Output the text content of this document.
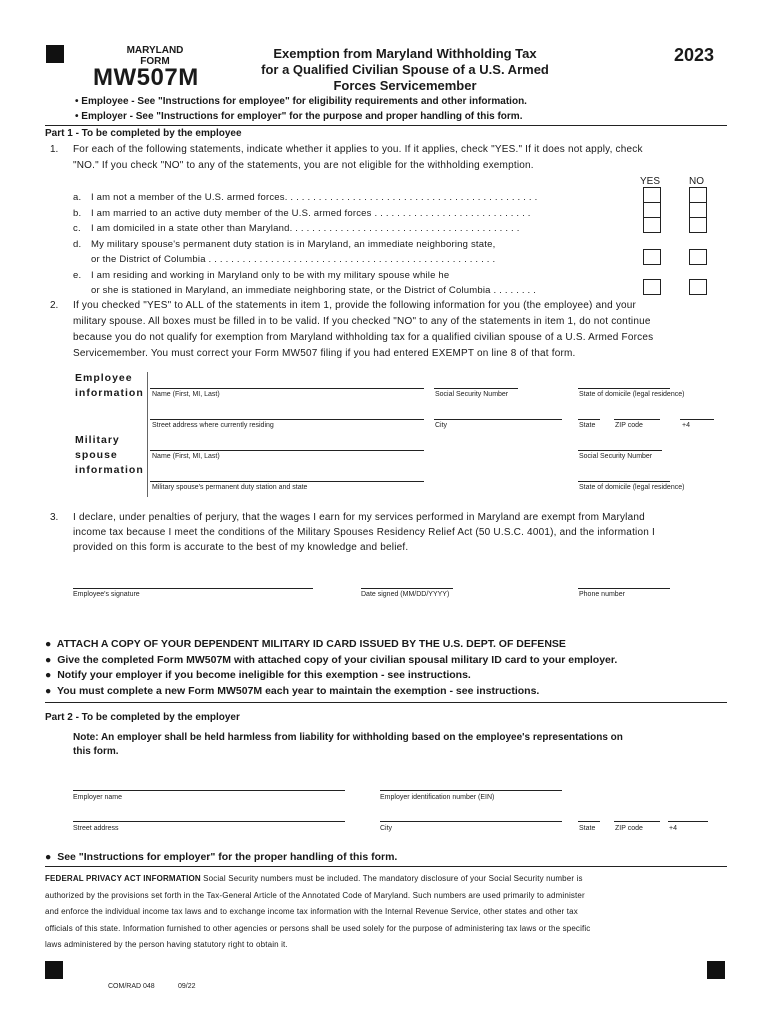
MARYLAND
FORM
MW507M
Exemption from Maryland Withholding Tax
for a Qualified Civilian Spouse of a U.S. Armed
Forces Servicemember
2023
• Employee - See "Instructions for employee" for eligibility requirements and other information.
• Employer - See "Instructions for employer" for the purpose and proper handling of this form.
Part 1 - To be completed by the employee
1. For each of the following statements, indicate whether it applies to you. If it applies, check "YES." If it does not apply, check
"NO." If you check "NO" to any of the statements, you are not eligible for the withholding exemption.
YES	NO
a. I am not a member of the U.S. armed forces. . . . . . . . . . . . . . . . . . . . . . . . . . . . . . . . . . . . . . . . . . . . .
b. I am married to an active duty member of the U.S. armed forces . . . . . . . . . . . . . . . . . . . . . . . . . . . .
c. I am domiciled in a state other than Maryland. . . . . . . . . . . . . . . . . . . . . . . . . . . . . . . . . . . . . . . . .
d. My military spouse's permanent duty station is in Maryland, an immediate neighboring state,
or the District of Columbia . . . . . . . . . . . . . . . . . . . . . . . . . . . . . . . . . . . . . . . . . . . . . . . . . . .
e. I am residing and working in Maryland only to be with my military spouse while he
or she is stationed in Maryland, an immediate neighboring state, or the District of Columbia . . . . . . . .
2. If you checked "YES" to ALL of the statements in item 1, provide the following information for you (the employee) and your
military spouse. All boxes must be filled in to be valid. If you checked "NO" to any of the statements in item 1, do not continue
because you do not qualify for exemption from Maryland withholding tax for a qualified civilian spouse of a U.S. Armed Forces
Servicemember. You must correct your Form MW507 filing if you had entered EXEMPT on line 8 of that form.
Employee
information Name (First, MI, Last)	Social Security Number	State of domicile (legal residence)
Street address where currently residing	City	State	ZIP code	+4
Military
spouse
information
Name (First, MI, Last)	Social Security Number
Military spouse's permanent duty station and state	State of domicile (legal residence)
3. I declare, under penalties of perjury, that the wages I earn for my services performed in Maryland are exempt from Maryland
income tax because I meet the conditions of the Military Spouses Residency Relief Act (50 U.S.C. 4001), and the information I
provided on this form is accurate to the best of my knowledge and belief.
Employee's signature	Date signed (MM/DD/YYYY)	Phone number
●  ATTACH A COPY OF YOUR DEPENDENT MILITARY ID CARD ISSUED BY THE U.S. DEPT. OF DEFENSE
●  Give the completed Form MW507M with attached copy of your civilian spousal military ID card to your employer.
●  Notify your employer if you become ineligible for this exemption - see instructions.
●  You must complete a new Form MW507M each year to maintain the exemption - see instructions.
Part 2 - To be completed by the employer
Note: An employer shall be held harmless from liability for withholding based on the employee's representations on
this form.
Employer name	Employer identification number (EIN)
Street address	City	State	ZIP code	+4
●  See "Instructions for employer" for the proper handling of this form.
FEDERAL PRIVACY ACT INFORMATION Social Security numbers must be included. The mandatory disclosure of your Social Security number is
authorized by the provisions set forth in the Tax-General Article of the Annotated Code of Maryland. Such numbers are used primarily to administer
and enforce the individual income tax laws and to exchange income tax information with the Internal Revenue Service, other states and other tax
officials of this state. Information furnished to other agencies or persons shall be used solely for the purpose of administering tax laws or the specific
laws administered by the person having statutory right to obtain it.
COM/RAD 048	09/22
